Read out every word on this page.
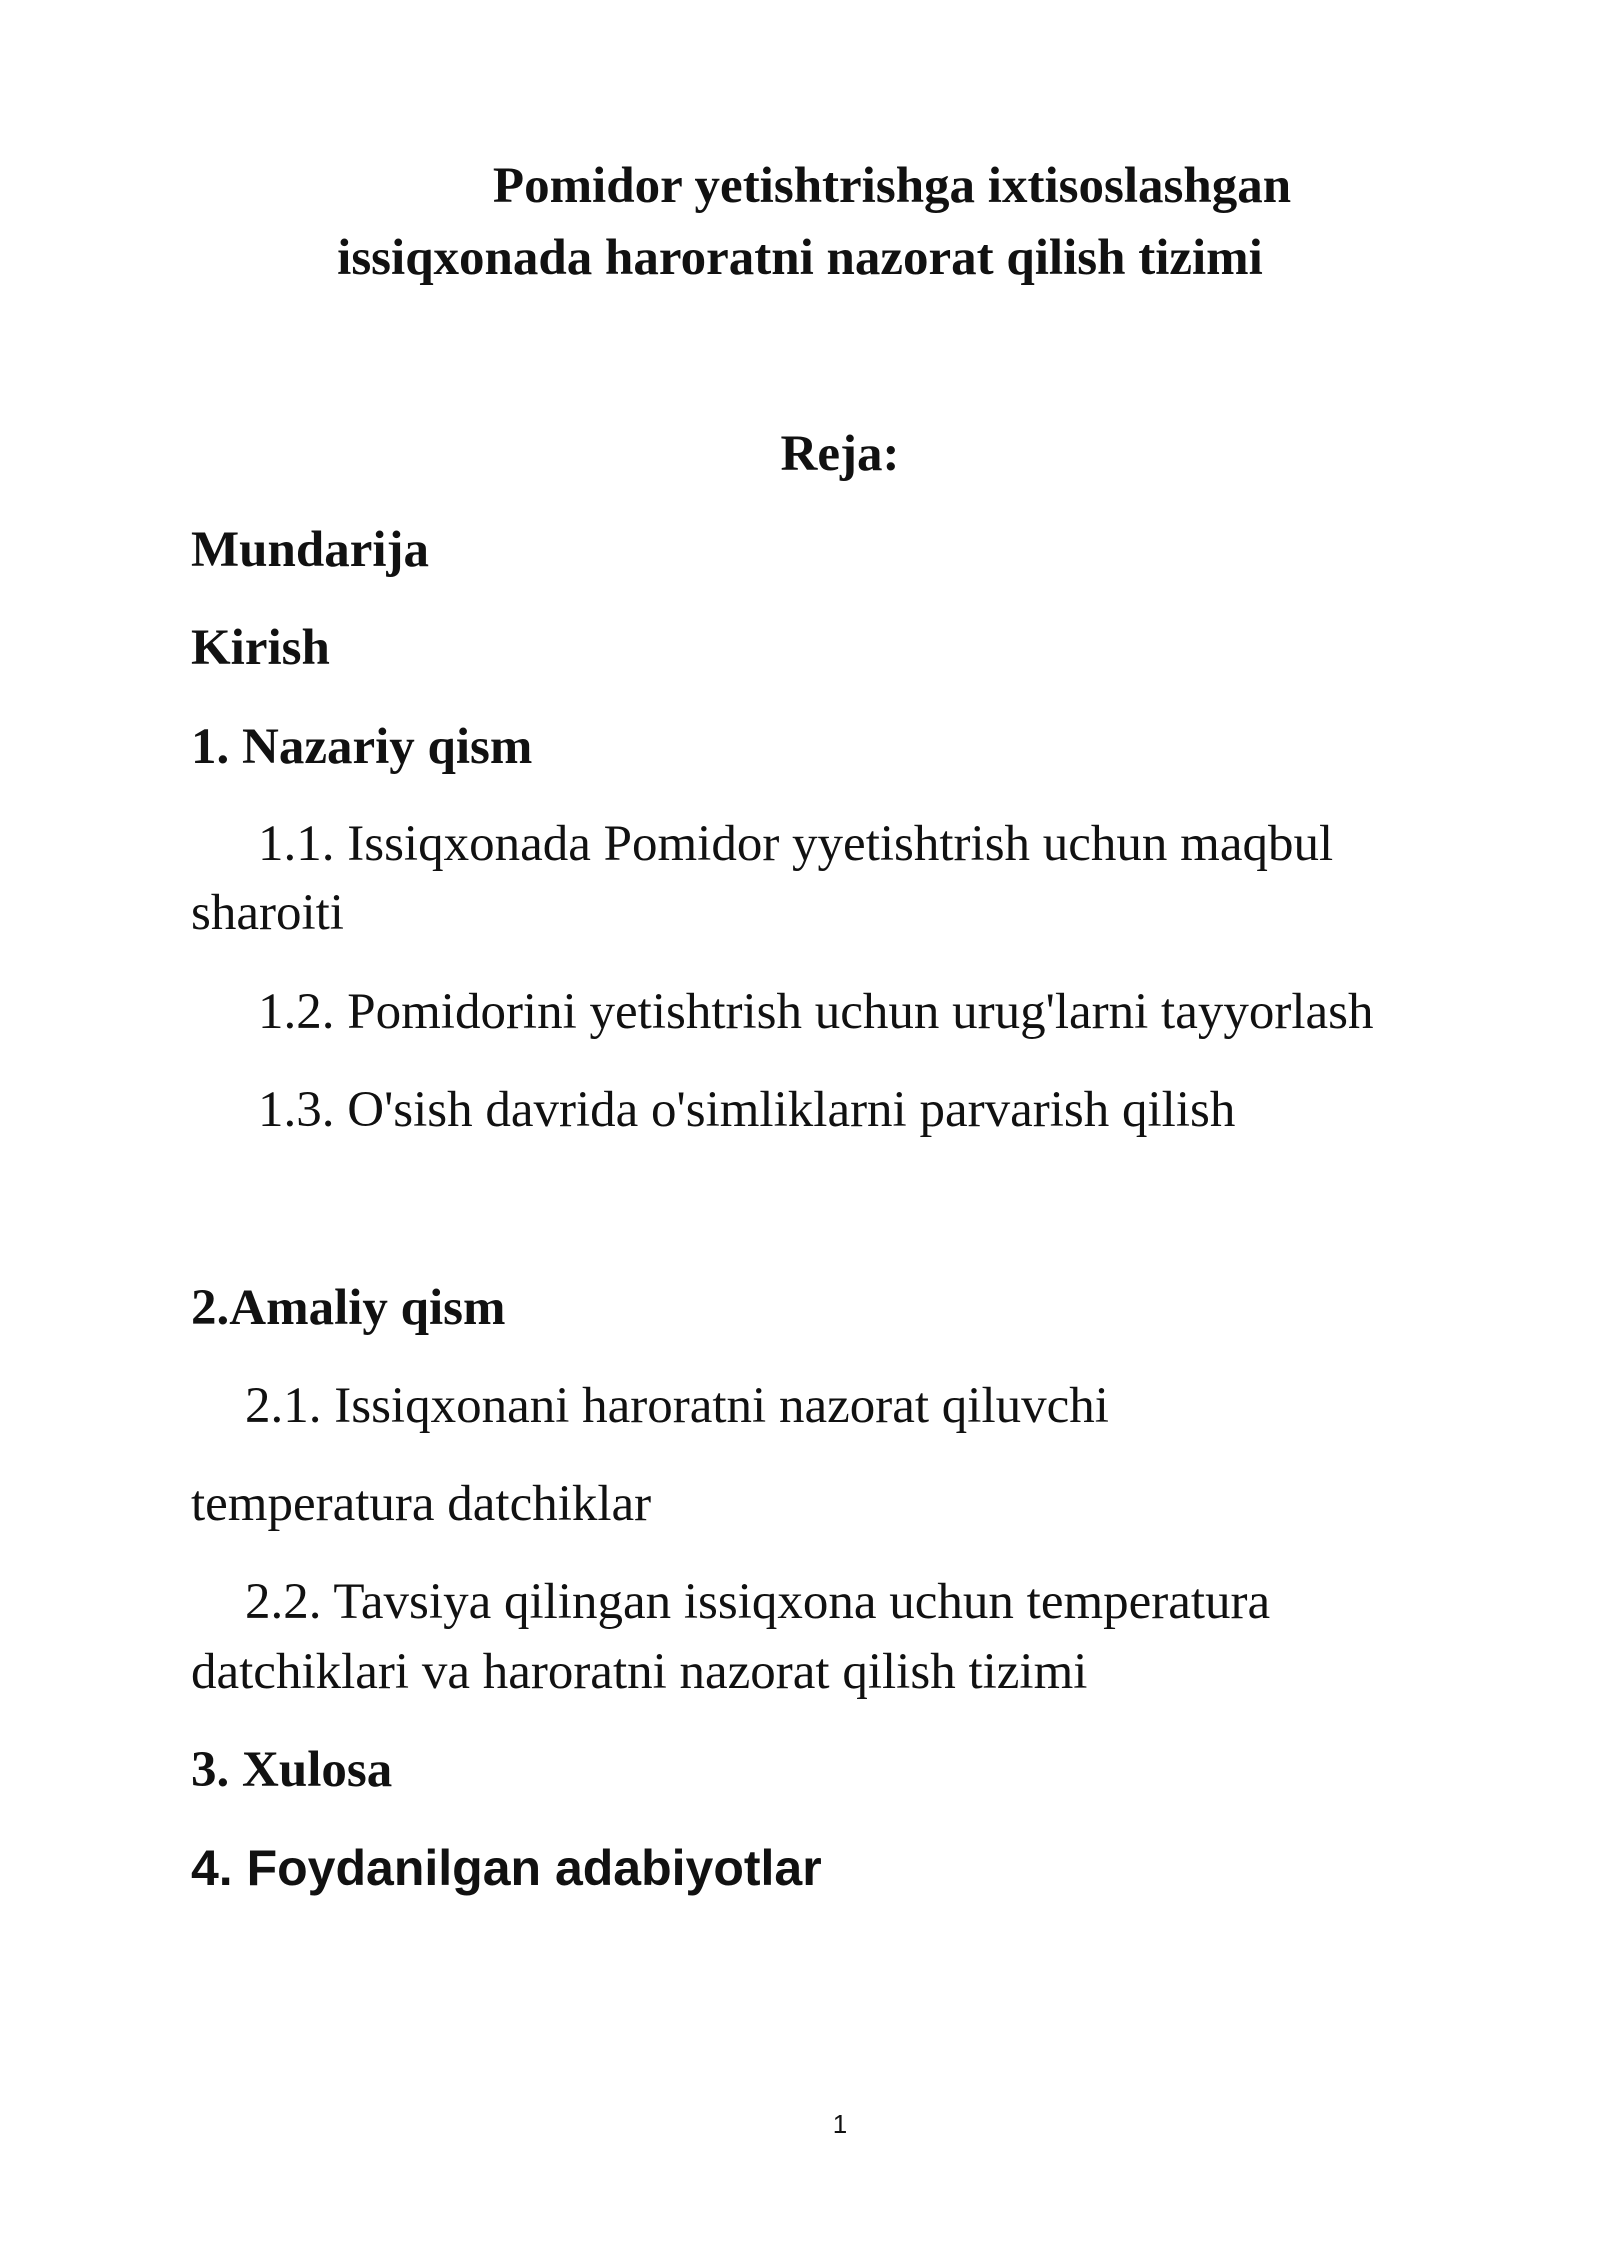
Pomidor yetishtrishga ixtisoslashgan
issiqxonada haroratni nazorat qilish tizimi
Reja:
Mundarija
Kirish
1. Nazariy qism
1.1. Issiqxonada Pomidor yyetishtrish uchun maqbul
sharoiti
1.2. Pomidorini yetishtrish uchun urug'larni tayyorlash
1.3. O'sish davrida o'simliklarni parvarish qilish
2.Amaliy qism
2.1. Issiqxonani haroratni nazorat qiluvchi
temperatura datchiklar
2.2. Tavsiya qilingan issiqxona uchun temperatura
datchiklari va haroratni nazorat qilish tizimi
3. Xulosa
4. Foydanilgan adabiyotlar
1
